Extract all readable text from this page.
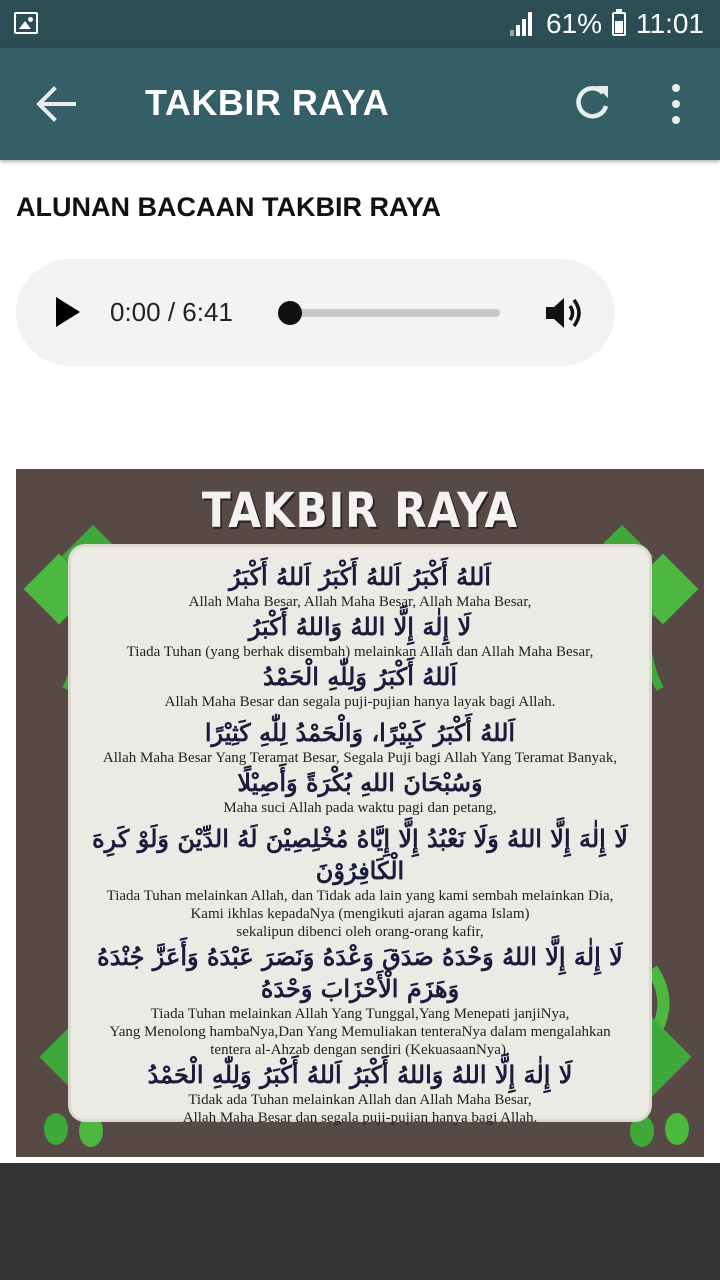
61% 11:01
TAKBIR RAYA
ALUNAN BACAAN TAKBIR RAYA
0:00 / 6:41
TAKBIR RAYA
اَللهُ أَكْبَرُ اَللهُ أَكْبَرُ اَللهُ أَكْبَرُ
Allah Maha Besar, Allah Maha Besar, Allah Maha Besar,
لَا إِلٰهَ إِلَّا اللهُ وَاللهُ أَكْبَرُ
Tiada Tuhan (yang berhak disembah) melainkan Allah dan Allah Maha Besar,
اَللهُ أَكْبَرُ وَلِلّٰهِ الْحَمْدُ
Allah Maha Besar dan segala puji-pujian hanya layak bagi Allah.
اَللهُ أَكْبَرُ كَبِيْرًا، وَالْحَمْدُ لِلّٰهِ كَثِيْرًا
Allah Maha Besar Yang Teramat Besar, Segala Puji bagi Allah Yang Teramat Banyak,
وَسُبْحَانَ اللهِ بُكْرَةً وَأَصِيْلًا
Maha suci Allah pada waktu pagi dan petang,
لَا إِلٰهَ إِلَّا اللهُ وَلَا نَعْبُدُ إِلَّا إِيَّاهُ مُخْلِصِيْنَ لَهُ الدِّيْنَ وَلَوْ كَرِهَ الْكَافِرُوْنَ
Tiada Tuhan melainkan Allah, dan Tidak ada lain yang kami sembah melainkan Dia,
Kami ikhlas kepadaNya (mengikuti ajaran agama Islam)
sekalipun dibenci oleh orang-orang kafir,
لَا إِلٰهَ إِلَّا اللهُ وَحْدَهُ صَدَقَ وَعْدَهُ وَنَصَرَ عَبْدَهُ وَأَعَزَّ جُنْدَهُ وَهَزَمَ الْأَحْزَابَ وَحْدَهُ
Tiada Tuhan melainkan Allah Yang Tunggal,Yang Menepati janjiNya,
Yang Menolong hambaNya,Dan Yang Memuliakan tenteraNya dalam mengalahkan
tentera al-Ahzab dengan sendiri (KekuasaanNya),
لَا إِلٰهَ إِلَّا اللهُ وَاللهُ أَكْبَرُ اَللهُ أَكْبَرُ وَلِلّٰهِ الْحَمْدُ
Tidak ada Tuhan melainkan Allah dan Allah Maha Besar,
Allah Maha Besar dan segala puji-pujian hanya bagi Allah.
